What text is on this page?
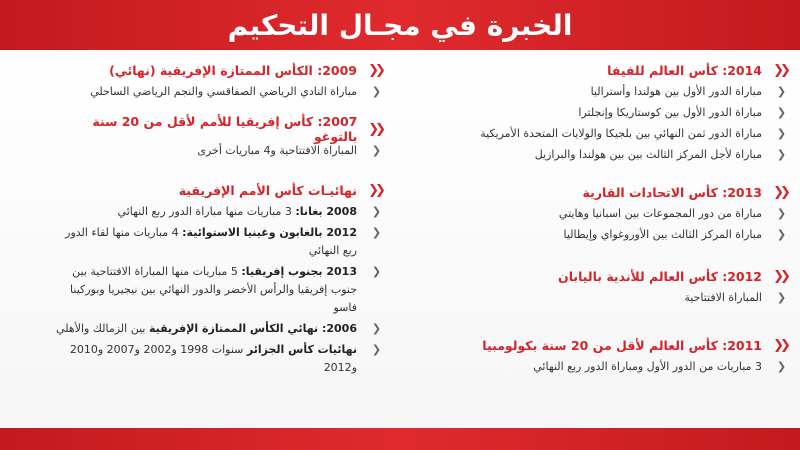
الخبرة في مجـال التحكيم
❮❮
2014: كأس العالم للفيفا
❮
مباراة الدور الأول بين هولندا وأستراليا
❮
مباراة الدور الأول بين كوستاريكا وإنجلترا
❮
مباراة الدور ثمن النهائي بين بلجيكا والولايات المتحدة الأمريكية
❮
مباراة لأجل المركز الثالث بين بين هولندا والبرازيل
❮❮
2013: كأس الاتحادات القارية
❮
مباراة من دور المجموعات بين اسبانيا وهايتي
❮
مباراة المركز الثالث بين الأوروغواي وإيطاليا
❮❮
2012: كأس العالم للأندية باليابان
❮
المباراة الافتتاحية
❮❮
2011: كأس العالم لأقل من 20 سنة بكولومبيا
❮
3 مباريات من الدور الأول ومباراة الدور ربع النهائي
❮❮
2009: الكأس الممتازة الإفريقية (نهائي)
❮
مباراة النادي الرياضي الصفاقسي والنجم الرياضي الساحلي
❮❮
2007: كأس إفريقيا للأمم لأقل من 20 سنة بالتوغو
❮
المباراة الافتتاحية و4 مباريات أخرى
❮❮
نهائيـات كأس الأمم الإفريقية
❮
2008 بغانا: 3 مباريات منها مباراة الدور ربع النهائي
❮
2012 بالغابون وغينيا الاستوائية: 4 مباريات منها لقاء الدور ربع النهائي
❮
2013 بجنوب إفريقيا: 5 مباريات منها المباراة الافتتاحية بين جنوب إفريقيا والرأس الأخضر والدور النهائي بين نيجيريا وبوركينا فاسو
❮
2006: نهائي الكأس الممتازة الإفريقية بين الزمالك والأهلي
❮
نهائيات كأس الجزائر سنوات 1998 و2002 و2007 و2010 و2012
